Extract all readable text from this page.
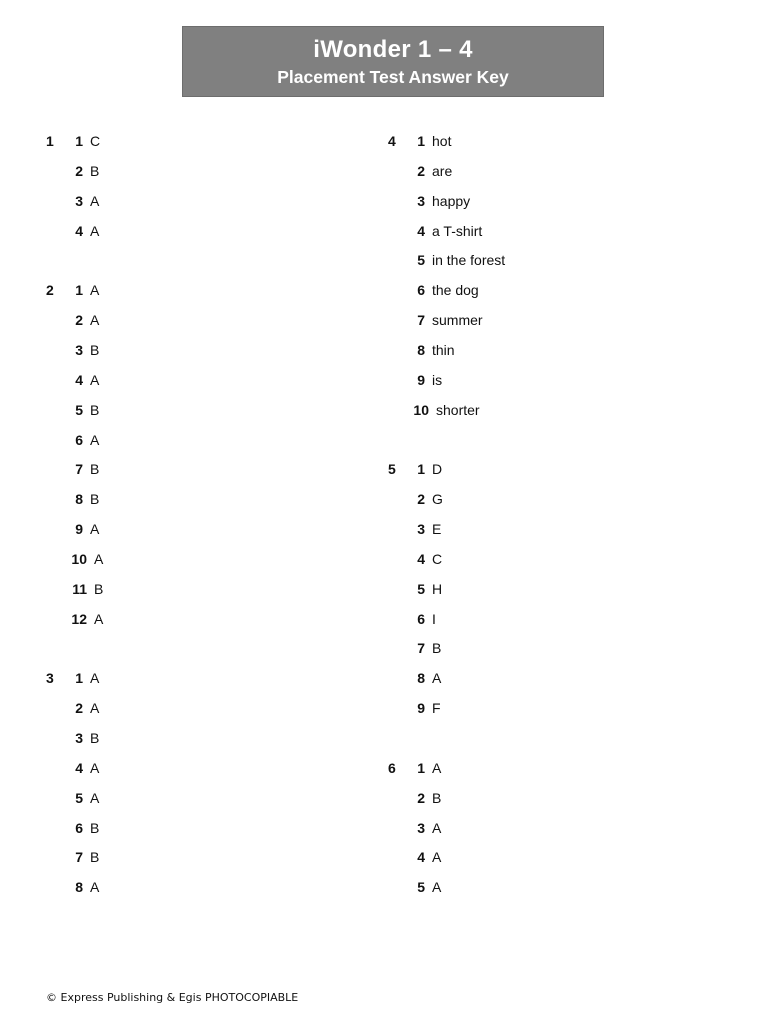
iWonder 1 – 4
Placement Test Answer Key
1	1 C
2 B
3 A
4 A
2	1 A
2 A
3 B
4 A
5 B
6 A
7 B
8 B
9 A
10 A
11 B
12 A
3	1 A
2 A
3 B
4 A
5 A
6 B
7 B
8 A
4	1 hot
2 are
3 happy
4 a T-shirt
5 in the forest
6 the dog
7 summer
8 thin
9 is
10 shorter
5	1 D
2 G
3 E
4 C
5 H
6 I
7 B
8 A
9 F
6	1 A
2 B
3 A
4 A
5 A
© Express Publishing & Egis PHOTOCOPIABLE
